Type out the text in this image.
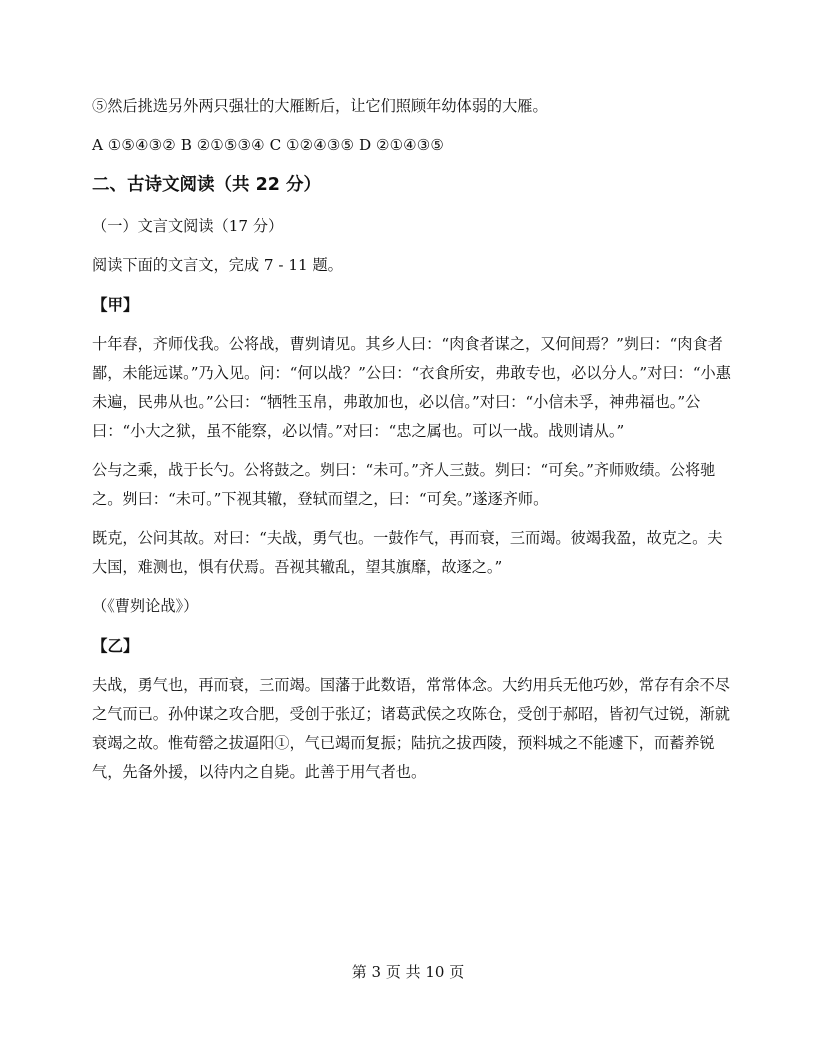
⑤然后挑选另外两只强壮的大雁断后，让它们照顾年幼体弱的大雁。

A ①⑤④③② B ②①⑤③④ C ①②④③⑤ D ②①④③⑤

二、古诗文阅读（共 22 分）

（一）文言文阅读（17 分）

阅读下面的文言文，完成 7 - 11 题。

【甲】

十年春，齐师伐我。公将战，曹刿请见。其乡人曰：“肉食者谋之，又何间焉？”刿曰：“肉食者鄙，未能远谋。”乃入见。问：“何以战？”公曰：“衣食所安，弗敢专也，必以分人。”对曰：“小惠未遍，民弗从也。”公曰：“牺牲玉帛，弗敢加也，必以信。”对曰：“小信未孚，神弗福也。”公曰：“小大之狱，虽不能察，必以情。”对曰：“忠之属也。可以一战。战则请从。”

公与之乘，战于长勺。公将鼓之。刿曰：“未可。”齐人三鼓。刿曰：“可矣。”齐师败绩。公将驰之。刿曰：“未可。”下视其辙，登轼而望之，曰：“可矣。”遂逐齐师。

既克，公问其故。对曰：“夫战，勇气也。一鼓作气，再而衰，三而竭。彼竭我盈，故克之。夫大国，难测也，惧有伏焉。吾视其辙乱，望其旗靡，故逐之。”

（《曹刿论战》）

【乙】

夫战，勇气也，再而衰，三而竭。国藩于此数语，常常体念。大约用兵无他巧妙，常存有余不尽之气而已。孙仲谋之攻合肥，受创于张辽；诸葛武侯之攻陈仓，受创于郝昭，皆初气过锐，渐就衰竭之故。惟荀罃之拔逼阳①，气已竭而复振；陆抗之拔西陵，预料城之不能遽下，而蓄养锐气，先备外援，以待内之自毙。此善于用气者也。

第 3 页 共 10 页
